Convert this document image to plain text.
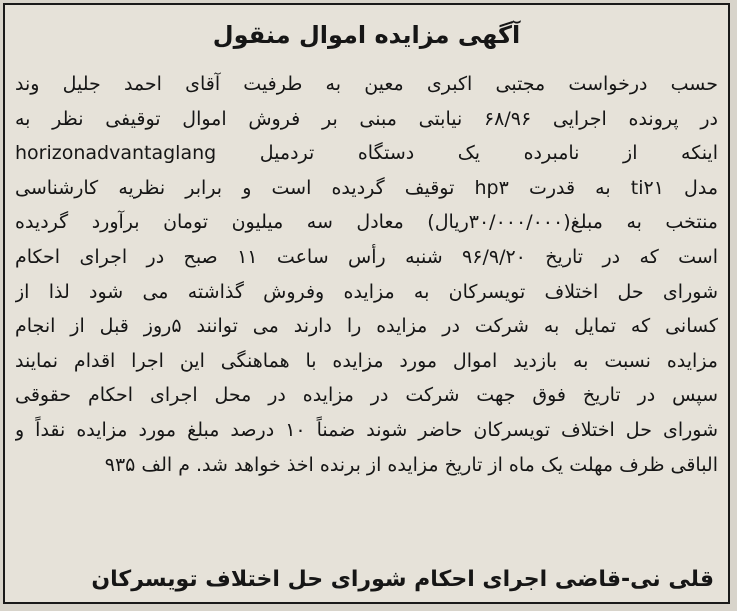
آگهی مزایده اموال منقول
حسب درخواست مجتبی اکبری معین به طرفیت آقای احمد جلیل وند
در پرونده اجرایی ۶۸/۹۶ نیابتی مبنی بر فروش اموال توقیفی نظر به
اینکه از نامبرده یک دستگاه تردمیل horizonadvantaglang
مدل ti۲۱ به قدرت hp۳ توقیف گردیده است و برابر نظریه کارشناسی
منتخب به مبلغ(۳۰/۰۰۰/۰۰۰ریال) معادل سه میلیون تومان برآورد گردیده
است که در تاریخ ۹۶/۹/۲۰ شنبه رأس ساعت ۱۱ صبح در اجرای احکام
شورای حل اختلاف تویسرکان به مزایده وفروش گذاشته می شود لذا از
کسانی که تمایل به شرکت در مزایده را دارند می توانند ۵روز قبل از انجام
مزایده نسبت به بازدید اموال مورد مزایده با هماهنگی این اجرا اقدام نمایند
سپس در تاریخ فوق جهت شرکت در مزایده در محل اجرای احکام حقوقی
شورای حل اختلاف تویسرکان حاضر شوند ضمناً ۱۰ درصد مبلغ مورد مزایده نقداً و
الباقی ظرف مهلت یک ماه از تاریخ مزایده از برنده اخذ خواهد شد. م الف ۹۳۵
قلی نی-قاضی اجرای احکام شورای حل اختلاف تویسرکان
